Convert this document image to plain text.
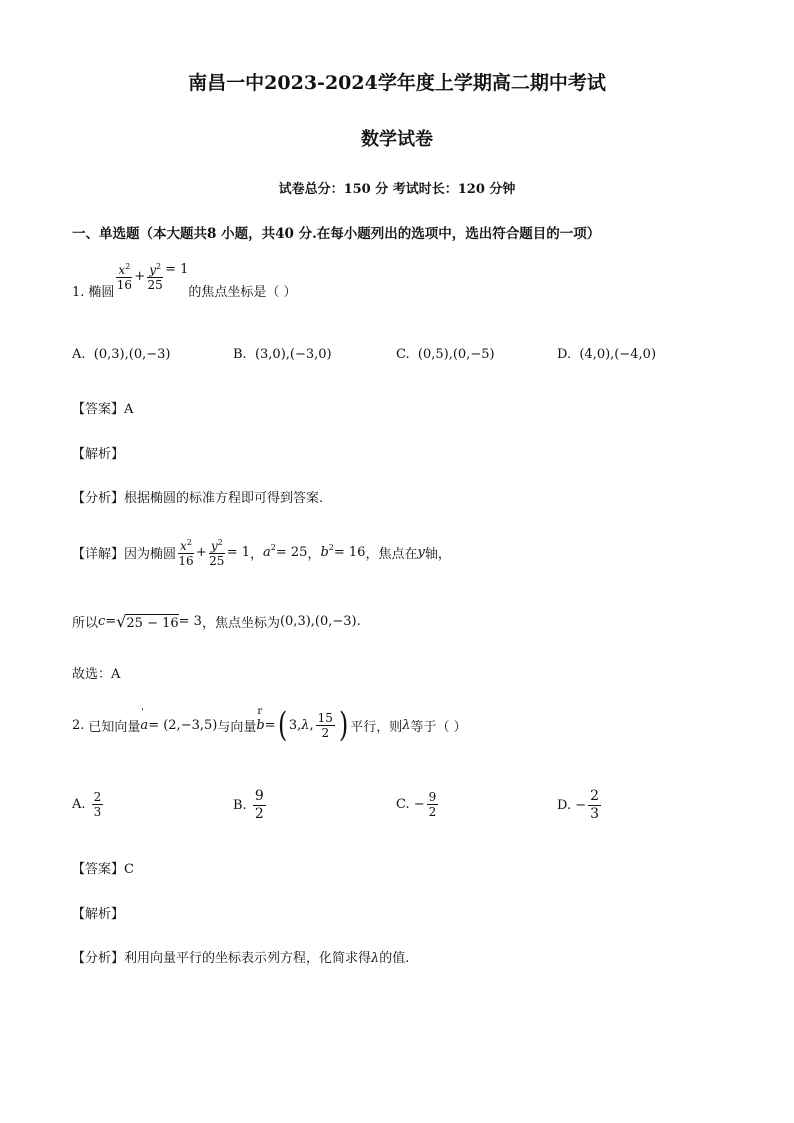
南昌一中2023-2024学年度上学期高二期中考试
数学试卷
试卷总分：150 分 考试时长：120 分钟
一、单选题（本大题共8 小题，共40 分.在每小题列出的选项中，选出符合题目的一项）
1. 椭圆
$\frac{x^2}{16} + \frac{y^2}{25} = 1$
的焦点坐标是（ ）
A. (0,3),(0,−3)	B. (3,0),(−3,0)	C. (0,5),(0,−5)	D. (4,0),(−4,0)
【答案】A
【解析】
【分析】根据椭圆的标准方程即可得到答案.
【详解】 因为椭圆 $\frac{x^2}{16} + \frac{y^2}{25} = 1$ ， $a^2 = 25$ ， $b^2 = 16$ ，焦点在 y 轴，
所以 c = √ 25 − 16 = 3 ，焦点坐标为 (0,3),(0,−3).
故选：A
2. 已知向量
'
a = (2,−3,5) 与向量
r
b = ( 3, λ , $\frac{15}{2}$ ) 平行，则 λ 等于（ ）
A.
$\frac{2}{3}$	B.
$\frac{9}{2}$	C.
− $\frac{9}{2}$	D.
− $\frac{2}{3}$
【答案】C
【解析】
【分析】利用向量平行的坐标表示列方程，化简求得λ的值.
